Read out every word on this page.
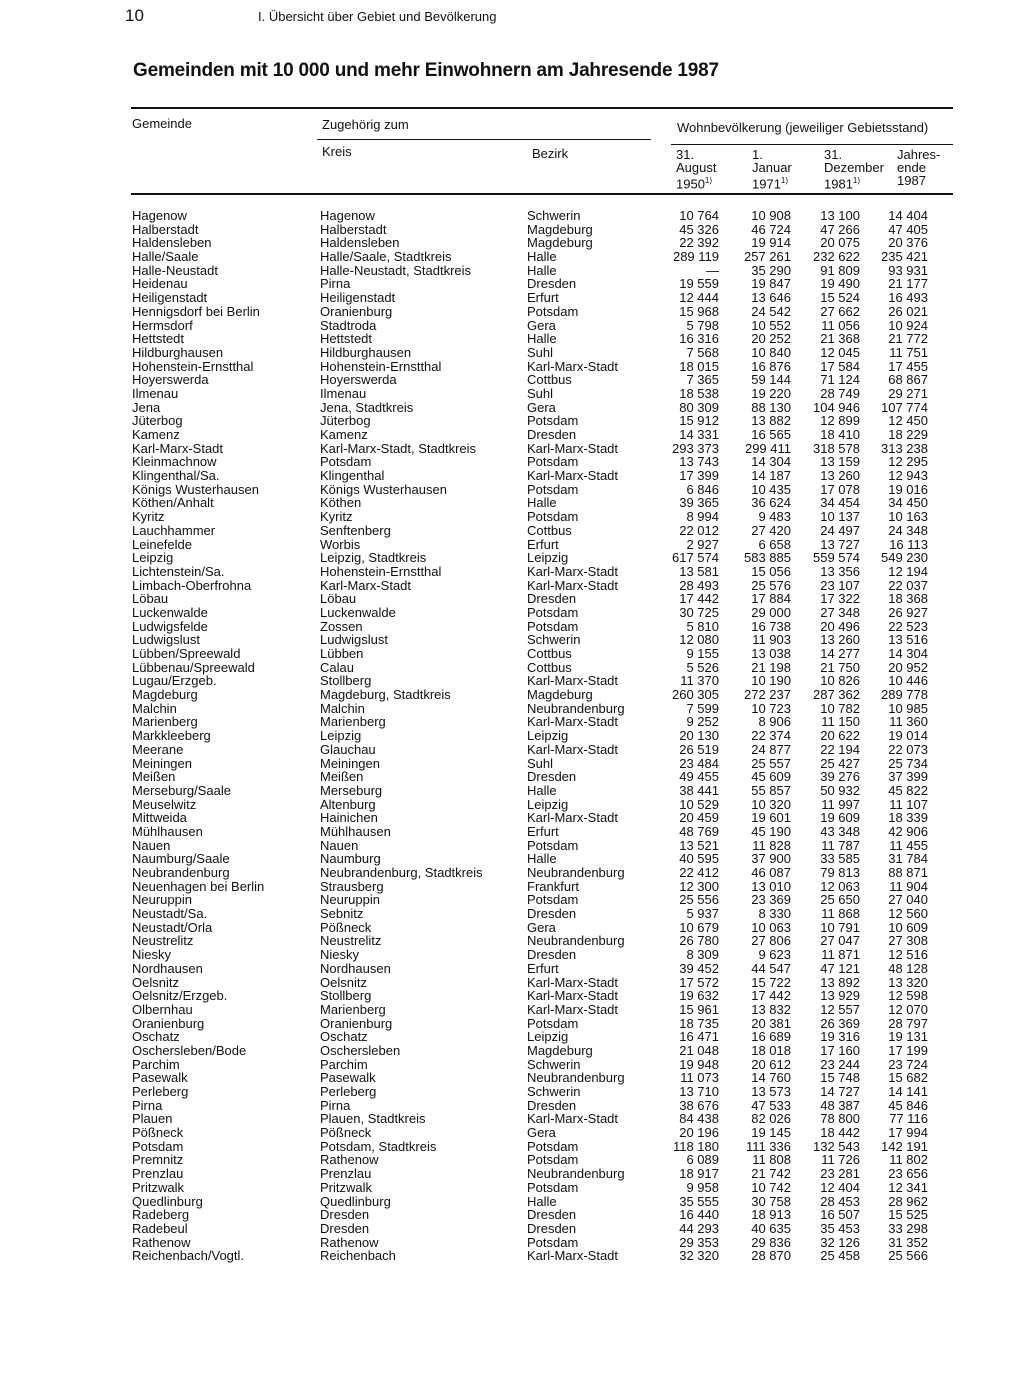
10	I. Übersicht über Gebiet und Bevölkerung
Gemeinden mit 10 000 und mehr Einwohnern am Jahresende 1987
Gemeinde	Zugehörig zum
Kreis	Bezirk
Wohnbevölkerung (jeweiliger Gebietsstand)
31.
August
1950$^{1)}$
1.
Januar
1971$^{1)}$
31.
Dezember
1981$^{1)}$
Jahres-
ende
1987
Hagenow	Hagenow	Schwerin	10 764	10 908	13 100	14 404
Halberstadt	Halberstadt	Magdeburg	45 326	46 724	47 266	47 405
Haldensleben	Haldensleben	Magdeburg	22 392	19 914	20 075	20 376
Halle/Saale	Halle/Saale, Stadtkreis	Halle	289 119	257 261	232 622	235 421
Halle-Neustadt	Halle-Neustadt, Stadtkreis	Halle	—	35 290	91 809	93 931
Heidenau	Pirna	Dresden	19 559	19 847	19 490	21 177
Heiligenstadt	Heiligenstadt	Erfurt	12 444	13 646	15 524	16 493
Hennigsdorf bei Berlin	Oranienburg	Potsdam	15 968	24 542	27 662	26 021
Hermsdorf	Stadtroda	Gera	5 798	10 552	11 056	10 924
Hettstedt	Hettstedt	Halle	16 316	20 252	21 368	21 772
Hildburghausen	Hildburghausen	Suhl	7 568	10 840	12 045	11 751
Hohenstein-Ernstthal	Hohenstein-Ernstthal	Karl-Marx-Stadt	18 015	16 876	17 584	17 455
Hoyerswerda	Hoyerswerda	Cottbus	7 365	59 144	71 124	68 867
Ilmenau	Ilmenau	Suhl	18 538	19 220	28 749	29 271
Jena	Jena, Stadtkreis	Gera	80 309	88 130	104 946	107 774
Jüterbog	Jüterbog	Potsdam	15 912	13 882	12 899	12 450
Kamenz	Kamenz	Dresden	14 331	16 565	18 410	18 229
Karl-Marx-Stadt	Karl-Marx-Stadt, Stadtkreis	Karl-Marx-Stadt	293 373	299 411	318 578	313 238
Kleinmachnow	Potsdam	Potsdam	13 743	14 304	13 159	12 295
Klingenthal/Sa.	Klingenthal	Karl-Marx-Stadt	17 399	14 187	13 260	12 943
Königs Wusterhausen	Königs Wusterhausen	Potsdam	6 846	10 435	17 078	19 016
Köthen/Anhalt	Köthen	Halle	39 365	36 624	34 454	34 450
Kyritz	Kyritz	Potsdam	8 994	9 483	10 137	10 163
Lauchhammer	Senftenberg	Cottbus	22 012	27 420	24 497	24 348
Leinefelde	Worbis	Erfurt	2 927	6 658	13 727	16 113
Leipzig	Leipzig, Stadtkreis	Leipzig	617 574	583 885	559 574	549 230
Lichtenstein/Sa.	Hohenstein-Ernstthal	Karl-Marx-Stadt	13 581	15 056	13 356	12 194
Limbach-Oberfrohna	Karl-Marx-Stadt	Karl-Marx-Stadt	28 493	25 576	23 107	22 037
Löbau	Löbau	Dresden	17 442	17 884	17 322	18 368
Luckenwalde	Luckenwalde	Potsdam	30 725	29 000	27 348	26 927
Ludwigsfelde	Zossen	Potsdam	5 810	16 738	20 496	22 523
Ludwigslust	Ludwigslust	Schwerin	12 080	11 903	13 260	13 516
Lübben/Spreewald	Lübben	Cottbus	9 155	13 038	14 277	14 304
Lübbenau/Spreewald	Calau	Cottbus	5 526	21 198	21 750	20 952
Lugau/Erzgeb.	Stollberg	Karl-Marx-Stadt	11 370	10 190	10 826	10 446
Magdeburg	Magdeburg, Stadtkreis	Magdeburg	260 305	272 237	287 362	289 778
Malchin	Malchin	Neubrandenburg	7 599	10 723	10 782	10 985
Marienberg	Marienberg	Karl-Marx-Stadt	9 252	8 906	11 150	11 360
Markkleeberg	Leipzig	Leipzig	20 130	22 374	20 622	19 014
Meerane	Glauchau	Karl-Marx-Stadt	26 519	24 877	22 194	22 073
Meiningen	Meiningen	Suhl	23 484	25 557	25 427	25 734
Meißen	Meißen	Dresden	49 455	45 609	39 276	37 399
Merseburg/Saale	Merseburg	Halle	38 441	55 857	50 932	45 822
Meuselwitz	Altenburg	Leipzig	10 529	10 320	11 997	11 107
Mittweida	Hainichen	Karl-Marx-Stadt	20 459	19 601	19 609	18 339
Mühlhausen	Mühlhausen	Erfurt	48 769	45 190	43 348	42 906
Nauen	Nauen	Potsdam	13 521	11 828	11 787	11 455
Naumburg/Saale	Naumburg	Halle	40 595	37 900	33 585	31 784
Neubrandenburg	Neubrandenburg, Stadtkreis	Neubrandenburg	22 412	46 087	79 813	88 871
Neuenhagen bei Berlin	Strausberg	Frankfurt	12 300	13 010	12 063	11 904
Neuruppin	Neuruppin	Potsdam	25 556	23 369	25 650	27 040
Neustadt/Sa.	Sebnitz	Dresden	5 937	8 330	11 868	12 560
Neustadt/Orla	Pößneck	Gera	10 679	10 063	10 791	10 609
Neustrelitz	Neustrelitz	Neubrandenburg	26 780	27 806	27 047	27 308
Niesky	Niesky	Dresden	8 309	9 623	11 871	12 516
Nordhausen	Nordhausen	Erfurt	39 452	44 547	47 121	48 128
Oelsnitz	Oelsnitz	Karl-Marx-Stadt	17 572	15 722	13 892	13 320
Oelsnitz/Erzgeb.	Stollberg	Karl-Marx-Stadt	19 632	17 442	13 929	12 598
Olbernhau	Marienberg	Karl-Marx-Stadt	15 961	13 832	12 557	12 070
Oranienburg	Oranienburg	Potsdam	18 735	20 381	26 369	28 797
Oschatz	Oschatz	Leipzig	16 471	16 689	19 316	19 131
Oschersleben/Bode	Oschersleben	Magdeburg	21 048	18 018	17 160	17 199
Parchim	Parchim	Schwerin	19 948	20 612	23 244	23 724
Pasewalk	Pasewalk	Neubrandenburg	11 073	14 760	15 748	15 682
Perleberg	Perleberg	Schwerin	13 710	13 573	14 727	14 141
Pirna	Pirna	Dresden	38 676	47 533	48 387	45 846
Plauen	Plauen, Stadtkreis	Karl-Marx-Stadt	84 438	82 026	78 800	77 116
Pößneck	Pößneck	Gera	20 196	19 145	18 442	17 994
Potsdam	Potsdam, Stadtkreis	Potsdam	118 180	111 336	132 543	142 191
Premnitz	Rathenow	Potsdam	6 089	11 808	11 726	11 802
Prenzlau	Prenzlau	Neubrandenburg	18 917	21 742	23 281	23 656
Pritzwalk	Pritzwalk	Potsdam	9 958	10 742	12 404	12 341
Quedlinburg	Quedlinburg	Halle	35 555	30 758	28 453	28 962
Radeberg	Dresden	Dresden	16 440	18 913	16 507	15 525
Radebeul	Dresden	Dresden	44 293	40 635	35 453	33 298
Rathenow	Rathenow	Potsdam	29 353	29 836	32 126	31 352
Reichenbach/Vogtl.	Reichenbach	Karl-Marx-Stadt	32 320	28 870	25 458	25 566
